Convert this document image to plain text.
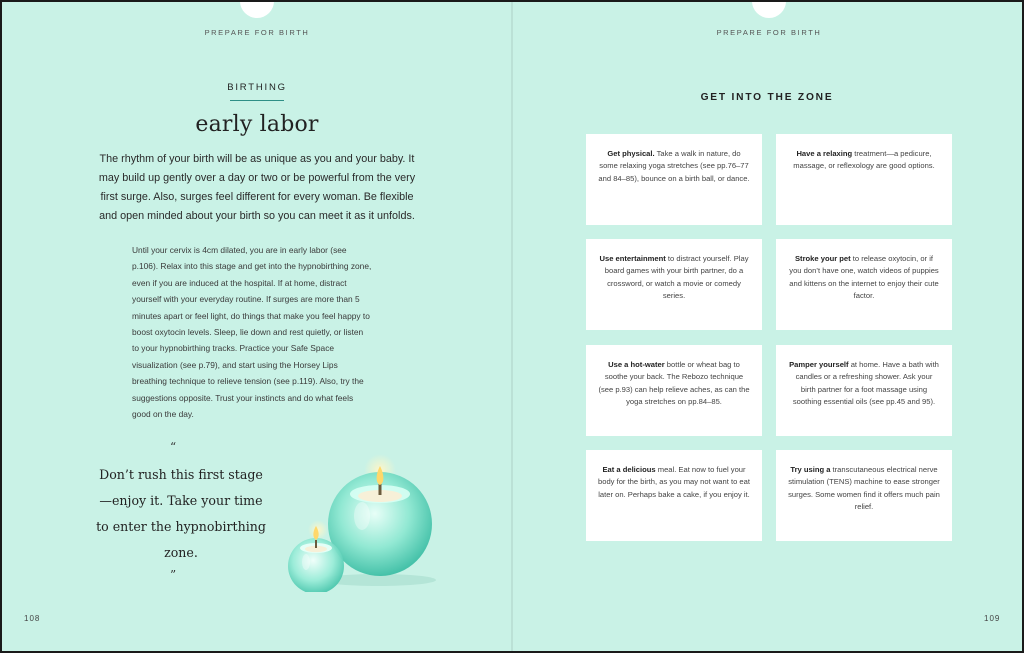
PREPARE FOR BIRTH
BIRTHING
early labor

The rhythm of your birth will be as unique as you and your baby. It may build up gently over a day or two or be powerful from the very first surge. Also, surges feel different for every woman. Be flexible and open minded about your birth so you can meet it as it unfolds.

Until your cervix is 4cm dilated, you are in early labor (see p.106). Relax into this stage and get into the hypnobirthing zone, even if you are induced at the hospital. If at home, distract yourself with your everyday routine. If surges are more than 5 minutes apart or feel light, do things that make you feel happy to boost oxytocin levels. Sleep, lie down and rest quietly, or listen to your hypnobirthing tracks. Practice your Safe Space visualization (see p.79), and start using the Horsey Lips breathing technique to relieve tension (see p.119). Also, try the suggestions opposite. Trust your instincts and do what feels good on the day.

“

Don’t rush this first stage—enjoy it. Take your time to enter the hypnobirthing zone.

”
108
PREPARE FOR BIRTH
GET INTO THE ZONE
Get physical. Take a walk in nature, do some relaxing yoga stretches (see pp.76–77 and 84–85), bounce on a birth ball, or dance.
Have a relaxing treatment—a pedicure, massage, or reflexology are good options.
Use entertainment to distract yourself. Play board games with your birth partner, do a crossword, or watch a movie or comedy series.
Stroke your pet to release oxytocin, or if you don’t have one, watch videos of puppies and kittens on the internet to enjoy their cute factor.
Use a hot-water bottle or wheat bag to soothe your back. The Rebozo technique (see p.93) can help relieve aches, as can the yoga stretches on pp.84–85.
Pamper yourself at home. Have a bath with candles or a refreshing shower. Ask your birth partner for a foot massage using soothing essential oils (see pp.45 and 95).
Eat a delicious meal. Eat now to fuel your body for the birth, as you may not want to eat later on. Perhaps bake a cake, if you enjoy it.
Try using a transcutaneous electrical nerve stimulation (TENS) machine to ease stronger surges. Some women find it offers much pain relief.
109
